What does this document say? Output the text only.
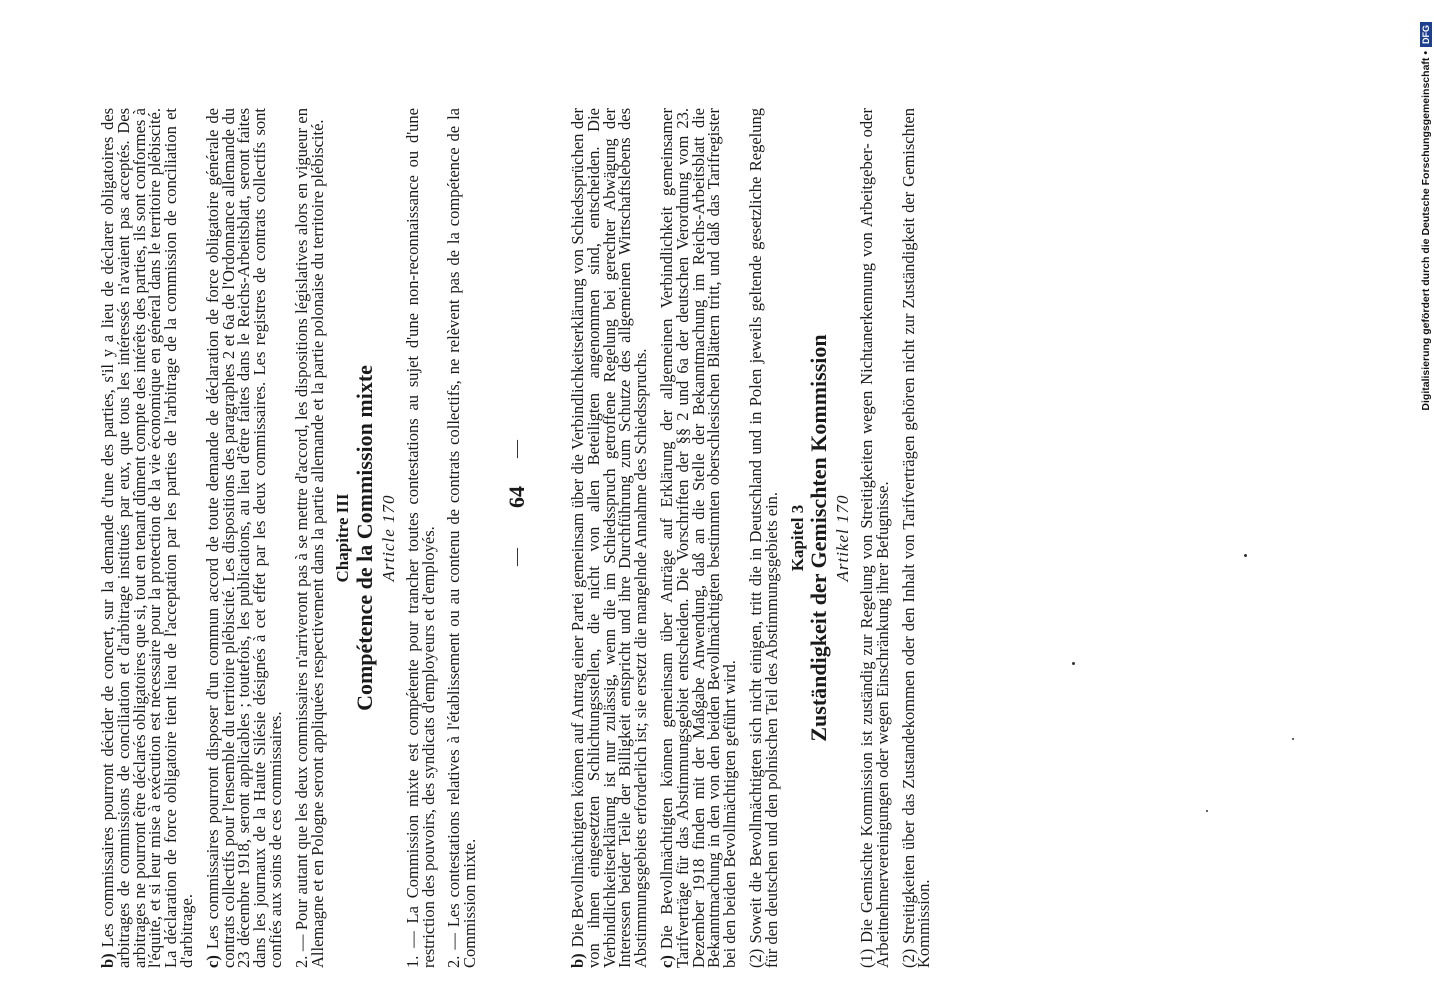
—
64
—

b)Les commissaires pourront décider de concert, sur la demande d'une des parties, s'il y a lieu de déclarer obligatoires des arbitrages de commissions de conciliation et d'arbitrage institués par eux, que tous les intéressés n'avaient pas acceptés. Des arbitrages ne pourront être déclarés obligatoires que si, tout en tenant dûment compte des intérêts des parties, ils sont conformes à l'équité, et si leur mise à exécution est nécessaire pour la protection de la vie économique en général dans le territoire plébiscité. La déclaration de force obligatoire tient lieu de l'acceptation par les parties de l'arbitrage de la commission de conciliation et d'arbitrage. c)Les commissaires pourront disposer d'un commun accord de toute demande de déclaration de force obligatoire générale de contrats collectifs pour l'ensemble du territoire plébiscité. Les dispositions des paragraphes 2 et 6a de l'Ordonnance allemande du 23 décembre 1918, seront applicables ; toutefois, les publications, au lieu d'être faites dans le Reichs-Arbeitsblatt, seront faites dans les journaux de la Haute Silésie désignés à cet effet par les deux commissaires. Les registres de contrats collectifs sont confiés aux soins de ces commissaires. 2. — Pour autant que les deux commissaires n'arriveront pas à se mettre d'accord, les dispositions législatives alors en vigueur en Allemagne et en Pologne seront appliquées respectivement dans la partie allemande et la partie polonaise du territoire plébiscité. Chapitre III Compétence de la Commission mixte Article 170 1. — La Commission mixte est compétente pour trancher toutes contestations au sujet d'une non-reconnaissance ou d'une restriction des pouvoirs, des syndicats d'employeurs et d'employés. 2. — Les contestations relatives à l'établissement ou au contenu de contrats collectifs, ne relèvent pas de la compétence de la Commission mixte.	b)Die Bevollmächtigten können auf Antrag einer Partei gemeinsam über die Verbindlichkeitserklärung von Schiedssprüchen der von ihnen eingesetzten Schlichtungsstellen, die nicht von allen Beteiligten angenommen sind, entscheiden. Die Verbindlichkeitserklärung ist nur zulässig, wenn die im Schiedsspruch getroffene Regelung bei gerechter Abwägung der Interessen beider Teile der Billigkeit entspricht und ihre Durchführung zum Schutze des allgemeinen Wirtschaftslebens des Abstimmungsgebiets erforderlich ist; sie ersetzt die mangelnde Annahme des Schiedsspruchs. c)Die Bevollmächtigten können gemeinsam über Anträge auf Erklärung der allgemeinen Verbindlichkeit gemeinsamer Tarifverträge für das Abstimmungsgebiet entscheiden. Die Vorschriften der §§ 2 und 6a der deutschen Verordnung vom 23. Dezember 1918 finden mit der Maßgabe Anwendung, daß an die Stelle der Bekanntmachung im Reichs-Arbeitsblatt die Bekanntmachung in den von den beiden Bevollmächtigten bestimmten oberschlesischen Blättern tritt, und daß das Tarifregister bei den beiden Bevollmächtigten geführt wird. (2) Soweit die Bevollmächtigten sich nicht einigen, tritt die in Deutschland und in Polen jeweils geltende gesetzliche Regelung für den deutschen und den polnischen Teil des Abstimmungsgebiets ein. Kapitel 3 Zuständigkeit der Gemischten Kommission Artikel 170 (1) Die Gemischte Kommission ist zuständig zur Regelung von Streitigkeiten wegen Nichtanerkennung von Arbeitgeber- oder Arbeitnehmervereinigungen oder wegen Einschränkung ihrer Befugnisse. (2) Streitigkeiten über das Zustandekommen oder den Inhalt von Tarifverträgen gehören nicht zur Zuständigkeit der Gemischten Kommission.

Digitalisierung gefördert durch die Deutsche Forschungsgemeinschaft •
DFG
